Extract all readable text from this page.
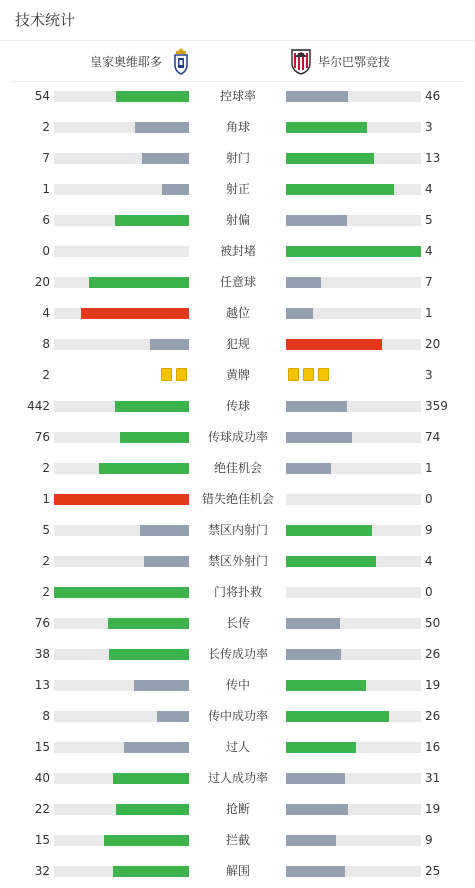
技术统计
皇家奥维耶多	毕尔巴鄂竞技
54	控球率	46
2	角球	3
7	射门	13
1	射正	4
6	射偏	5
0	被封堵	4
20	任意球	7
4	越位	1
8	犯规	20
2	黄牌	3
442	传球	359
76	传球成功率	74
2	绝佳机会	1
1	错失绝佳机会	0
5	禁区内射门	9
2	禁区外射门	4
2	门将扑救	0
76	长传	50
38	长传成功率	26
13	传中	19
8	传中成功率	26
15	过人	16
40	过人成功率	31
22	抢断	19
15	拦截	9
32	解围	25
